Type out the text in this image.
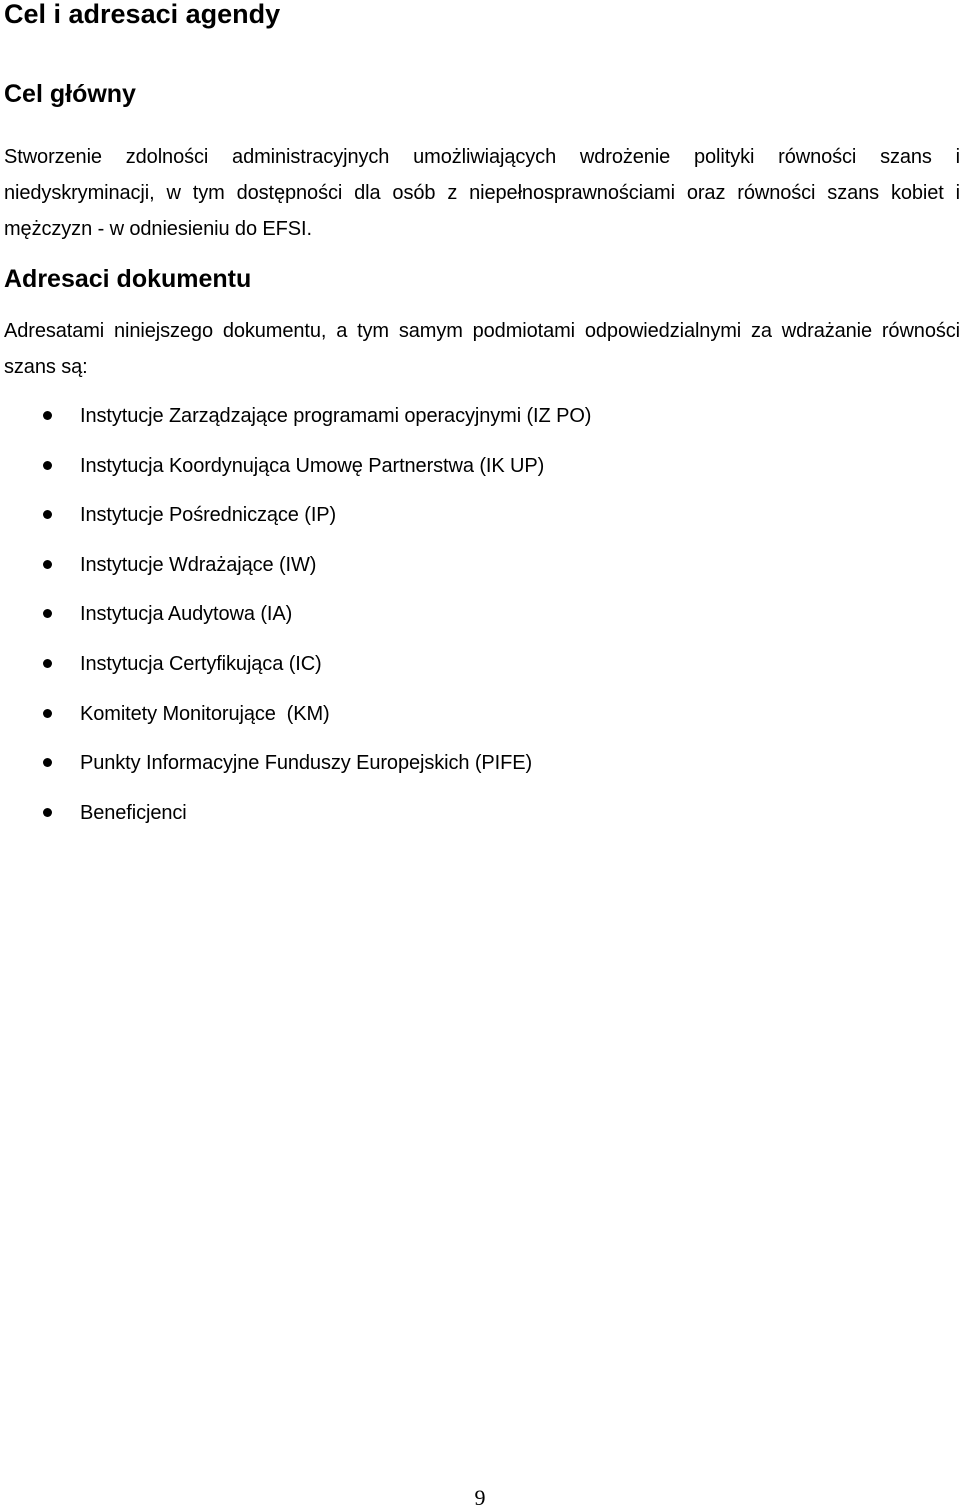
Cel i adresaci agendy
Cel główny

Stworzenie zdolności administracyjnych umożliwiających wdrożenie polityki równości szans i niedyskryminacji, w tym dostępności dla osób z niepełnosprawnościami oraz równości szans kobiet i mężczyzn - w odniesieniu do EFSI.

Adresaci dokumentu

Adresatami niniejszego dokumentu, a tym samym podmiotami odpowiedzialnymi za wdrażanie równości szans są:

Instytucje Zarządzające programami operacyjnymi (IZ PO)
Instytucja Koordynująca Umowę Partnerstwa (IK UP)
Instytucje Pośredniczące (IP)
Instytucje Wdrażające (IW)
Instytucja Audytowa (IA)
Instytucja Certyfikująca (IC)
Komitety Monitorujące  (KM)
Punkty Informacyjne Funduszy Europejskich (PIFE)
Beneficjenci
9
